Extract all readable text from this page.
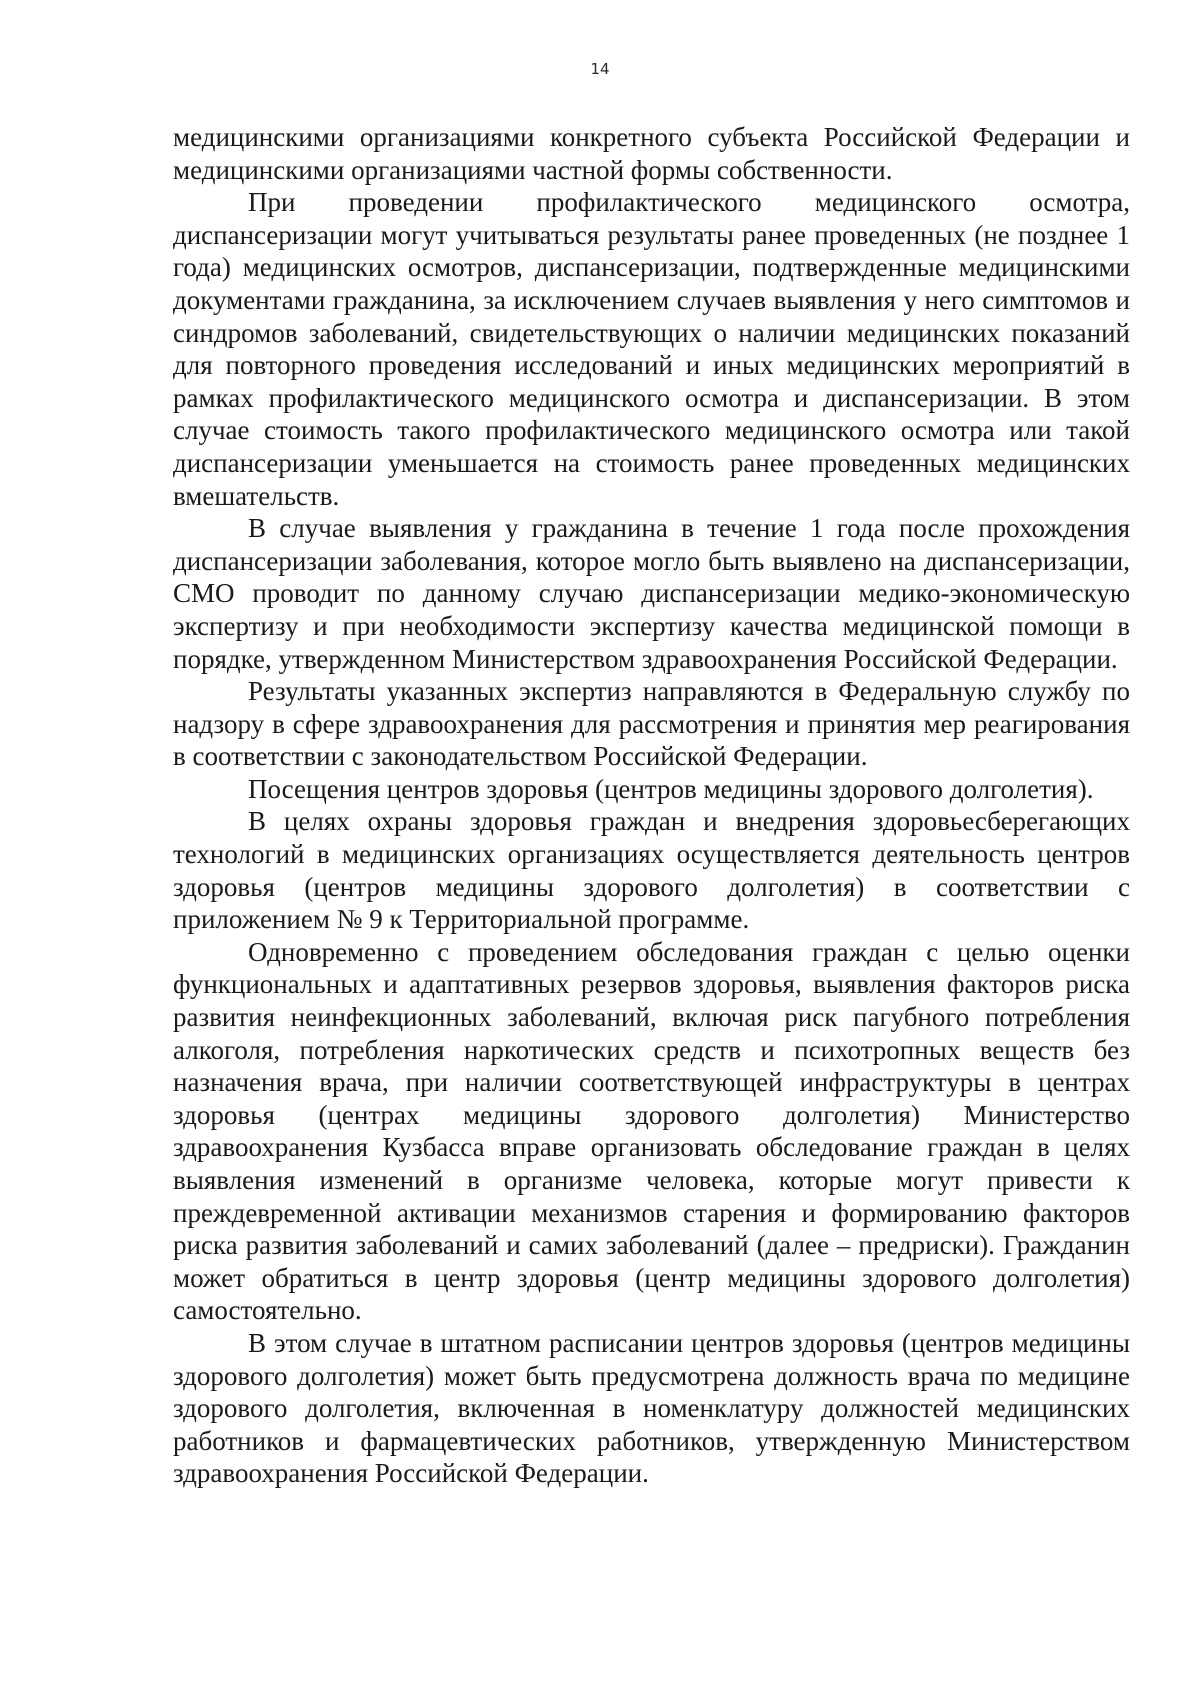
14

медицинскими организациями конкретного субъекта Российской Федерации и медицинскими организациями частной формы собственности.

При проведении профилактического медицинского осмотра, диспансеризации могут учитываться результаты ранее проведенных (не позднее 1 года) медицинских осмотров, диспансеризации, подтвержденные медицинскими документами гражданина, за исключением случаев выявления у него симптомов и синдромов заболеваний, свидетельствующих о наличии медицинских показаний для повторного проведения исследований и иных медицинских мероприятий в рамках профилактического медицинского осмотра и диспансеризации. В этом случае стоимость такого профилактического медицинского осмотра или такой диспансеризации уменьшается на стоимость ранее проведенных медицинских вмешательств.

В случае выявления у гражданина в течение 1 года после прохождения диспансеризации заболевания, которое могло быть выявлено на диспансеризации, СМО проводит по данному случаю диспансеризации медико-экономическую экспертизу и при необходимости экспертизу качества медицинской помощи в порядке, утвержденном Министерством здравоохранения Российской Федерации.

Результаты указанных экспертиз направляются в Федеральную службу по надзору в сфере здравоохранения для рассмотрения и принятия мер реагирования в соответствии с законодательством Российской Федерации.

Посещения центров здоровья (центров медицины здорового долголетия).

В целях охраны здоровья граждан и внедрения здоровьесберегающих технологий в медицинских организациях осуществляется деятельность центров здоровья (центров медицины здорового долголетия) в соответствии с приложением № 9 к Территориальной программе.

Одновременно с проведением обследования граждан с целью оценки функциональных и адаптативных резервов здоровья, выявления факторов риска развития неинфекционных заболеваний, включая риск пагубного потребления алкоголя, потребления наркотических средств и психотропных веществ без назначения врача, при наличии соответствующей инфраструктуры в центрах здоровья (центрах медицины здорового долголетия) Министерство здравоохранения Кузбасса вправе организовать обследование граждан в целях выявления изменений в организме человека, которые могут привести к преждевременной активации механизмов старения и формированию факторов риска развития заболеваний и самих заболеваний (далее – предриски). Гражданин может обратиться в центр здоровья (центр медицины здорового долголетия) самостоятельно.

В этом случае в штатном расписании центров здоровья (центров медицины здорового долголетия) может быть предусмотрена должность врача по медицине здорового долголетия, включенная в номенклатуру должностей медицинских работников и фармацевтических работников, утвержденную Министерством здравоохранения Российской Федерации.
